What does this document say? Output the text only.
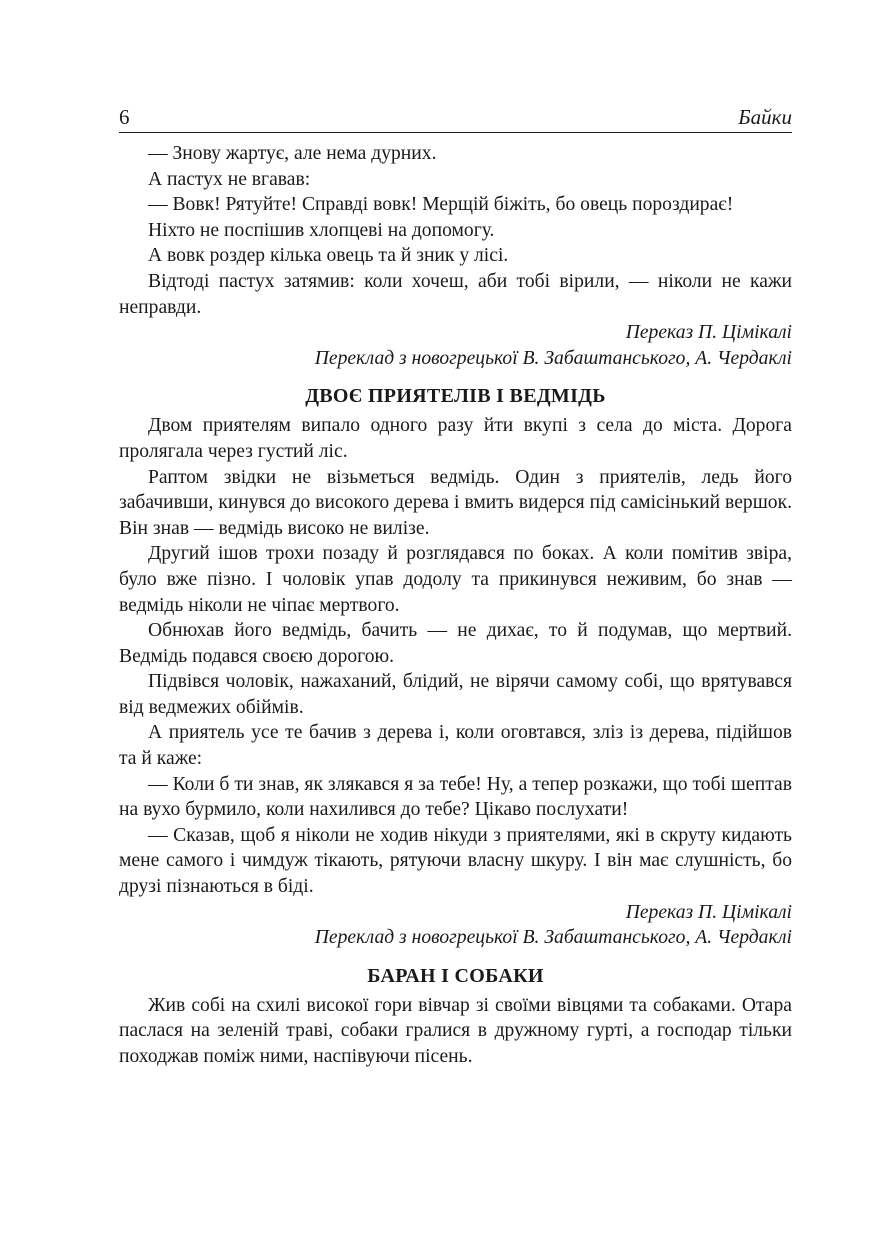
6	Байки

— Знову жартує, але нема дурних.

А пастух не вгавав:

— Вовк! Рятуйте! Справді вовк! Мерщій біжіть, бо овець пороздирає!

Ніхто не поспішив хлопцеві на допомогу.

А вовк роздер кілька овець та й зник у лісі.

Відтоді пастух затямив: коли хочеш, аби тобі вірили, — ніколи не кажи неправди.

Переказ П. Цімікалі
Переклад з новогрецької В. Забаштанського, А. Чердаклі
ДВОЄ ПРИЯТЕЛІВ І ВЕДМІДЬ

Двом приятелям випало одного разу йти вкупі з села до міста. Дорога пролягала через густий ліс.

Раптом звідки не візьметься ведмідь. Один з приятелів, ледь його забачивши, кинувся до високого дерева і вмить видерся під самісінький вершок. Він знав — ведмідь високо не вилізе.

Другий ішов трохи позаду й розглядався по боках. А коли помітив звіра, було вже пізно. І чоловік упав додолу та прикинувся неживим, бо знав — ведмідь ніколи не чіпає мертвого.

Обнюхав його ведмідь, бачить — не дихає, то й подумав, що мертвий. Ведмідь подався своєю дорогою.

Підвівся чоловік, нажаханий, блідий, не вірячи самому собі, що врятувався від ведмежих обіймів.

А приятель усе те бачив з дерева і, коли оговтався, зліз із дерева, підійшов та й каже:

— Коли б ти знав, як злякався я за тебе! Ну, а тепер розкажи, що тобі шептав на вухо бурмило, коли нахилився до тебе? Цікаво послухати!

— Сказав, щоб я ніколи не ходив нікуди з приятелями, які в скруту кидають мене самого і чимдуж тікають, рятуючи власну шкуру. І він має слушність, бо друзі пізнаються в біді.

Переказ П. Цімікалі
Переклад з новогрецької В. Забаштанського, А. Чердаклі
БАРАН І СОБАКИ

Жив собі на схилі високої гори вівчар зі своїми вівцями та собаками. Отара паслася на зеленій траві, собаки гралися в дружному гурті, а господар тільки походжав поміж ними, наспівуючи пісень.
